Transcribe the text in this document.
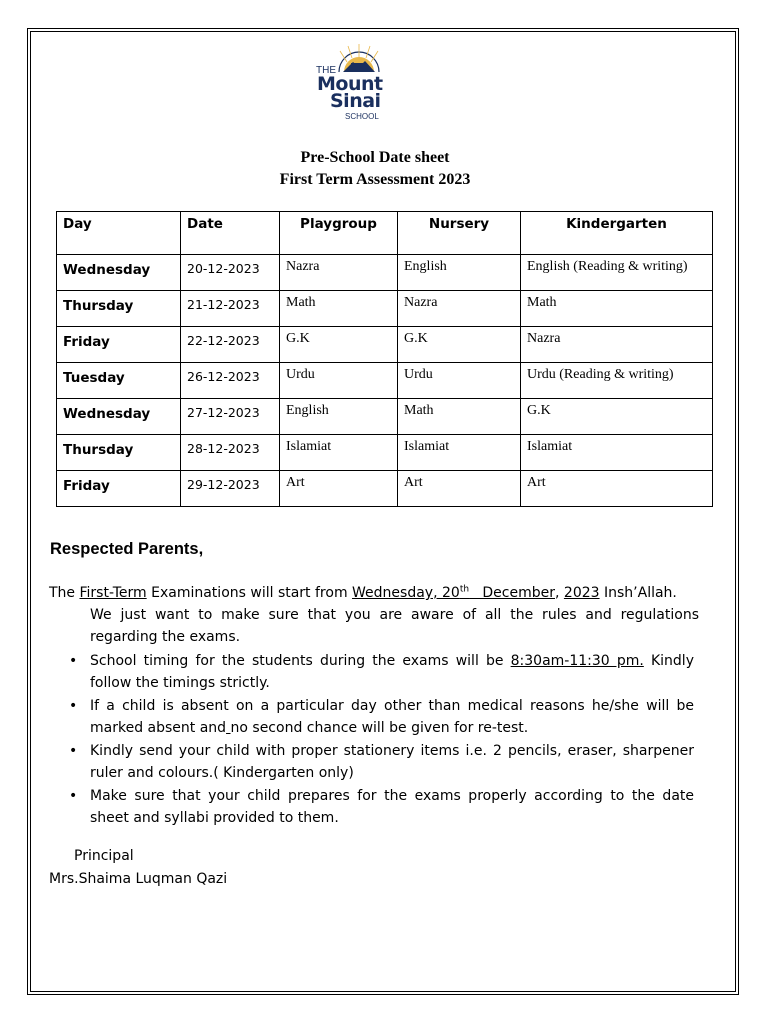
THE
Mount
Sinai
SCHOOL
Pre-School Date sheet
First Term Assessment 2023
Day	Date	Playgroup	Nursery	Kindergarten
Wednesday	20-12-2023	Nazra	English	English (Reading & writing)
Thursday	21-12-2023	Math	Nazra	Math
Friday	22-12-2023	G.K	G.K	Nazra
Tuesday	26-12-2023	Urdu	Urdu	Urdu (Reading & writing)
Wednesday	27-12-2023	English	Math	G.K
Thursday	28-12-2023	Islamiat	Islamiat	Islamiat
Friday	29-12-2023	Art	Art	Art
Respected Parents,
The First-Term Examinations will start from Wednesday, 20th   December, 2023 Insh’Allah.
We just want to make sure that you are aware of all the rules and regulations regarding the exams.
• School timing for the students during the exams will be 8:30am-11:30 pm. Kindly follow the timings strictly.
• If a child is absent on a particular day other than medical reasons he/she will be marked absent and no second chance will be given for re-test.
• Kindly send your child with proper stationery items i.e. 2 pencils, eraser, sharpener ruler and colours.( Kindergarten only)
• Make sure that your child prepares for the exams properly according to the date sheet and syllabi provided to them.
Principal
Mrs.Shaima Luqman Qazi
